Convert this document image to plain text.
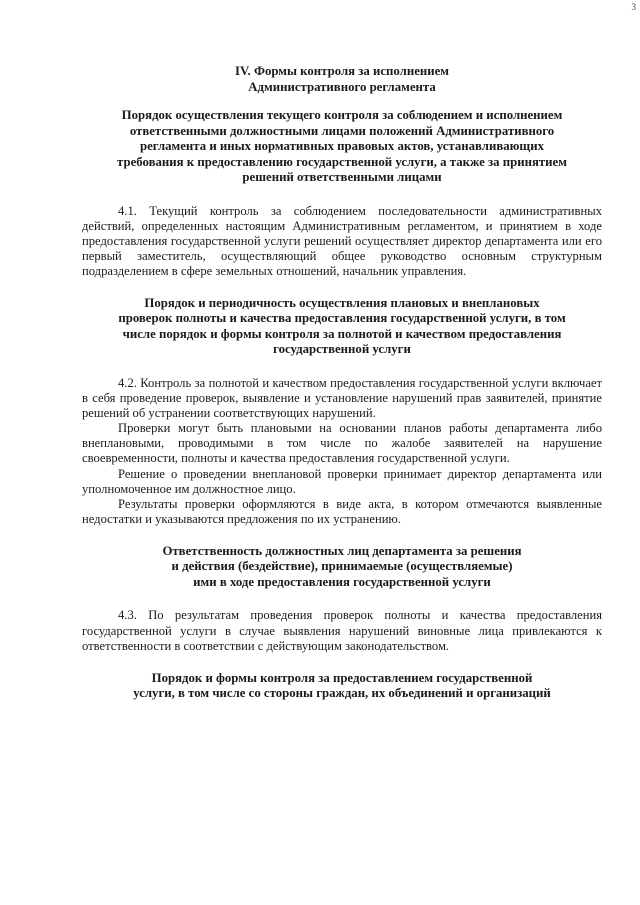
3

IV. Формы контроля за исполнением

Административного регламента

Порядок осуществления текущего контроля за соблюдением и исполнением

ответственными должностными лицами положений Административного

регламента и иных нормативных правовых актов, устанавливающих

требования к предоставлению государственной услуги, а также за принятием

решений ответственными лицами

4.1. Текущий контроль за соблюдением последовательности административных действий, определенных настоящим Административным регламентом, и принятием в ходе предоставления государственной услуги решений осуществляет директор департамента или его первый заместитель, осуществляющий общее руководство основным структурным подразделением в сфере земельных отношений, начальник управления.

Порядок и периодичность осуществления плановых и внеплановых

проверок полноты и качества предоставления государственной услуги, в том

числе порядок и формы контроля за полнотой и качеством предоставления

государственной услуги

4.2. Контроль за полнотой и качеством предоставления государственной услуги включает в себя проведение проверок, выявление и установление нарушений прав заявителей, принятие решений об устранении соответствующих нарушений.

Проверки могут быть плановыми на основании планов работы департамента либо внеплановыми, проводимыми в том числе по жалобе заявителей на нарушение своевременности, полноты и качества предоставления государственной услуги.

Решение о проведении внеплановой проверки принимает директор департамента или уполномоченное им должностное лицо.

Результаты проверки оформляются в виде акта, в котором отмечаются выявленные недостатки и указываются предложения по их устранению.

Ответственность должностных лиц департамента за решения

и действия (бездействие), принимаемые (осуществляемые)

ими в ходе предоставления государственной услуги

4.3. По результатам проведения проверок полноты и качества предоставления государственной услуги в случае выявления нарушений виновные лица привлекаются к ответственности в соответствии с действующим законодательством.

Порядок и формы контроля за предоставлением государственной

услуги, в том числе со стороны граждан, их объединений и организаций
